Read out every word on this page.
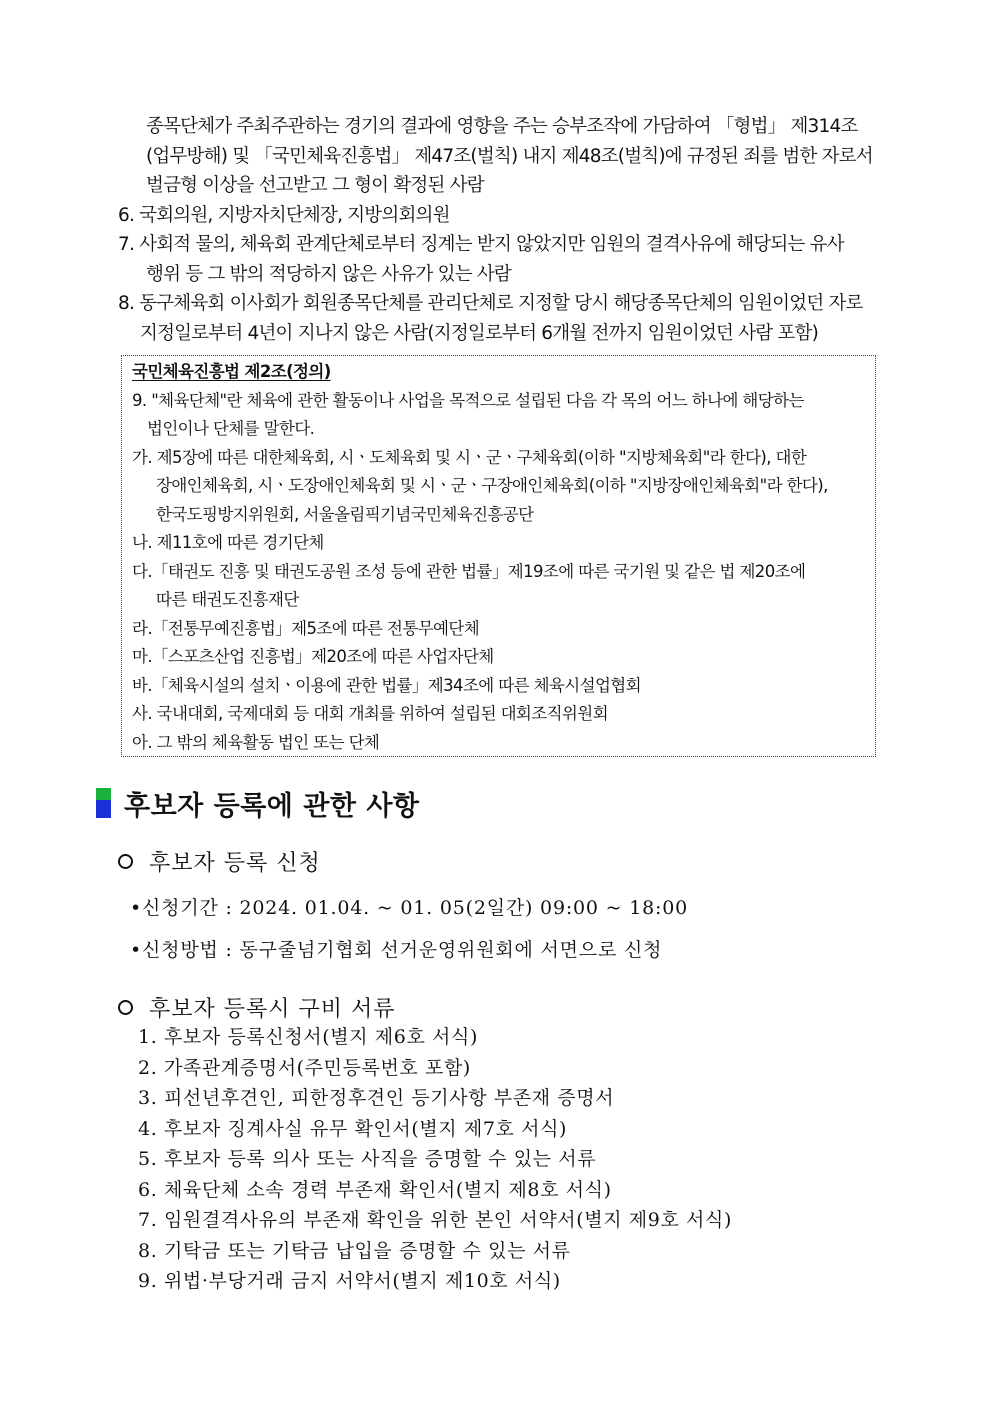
종목단체가 주최주관하는 경기의 결과에 영향을 주는 승부조작에 가담하여 「형법」 제314조
(업무방해) 및 「국민체육진흥법」 제47조(벌칙) 내지 제48조(벌칙)에 규정된 죄를 범한 자로서
벌금형 이상을 선고받고 그 형이 확정된 사람
6. 국회의원, 지방자치단체장, 지방의회의원
7. 사회적 물의, 체육회 관계단체로부터 징계는 받지 않았지만 임원의 결격사유에 해당되는 유사
행위 등 그 밖의 적당하지 않은 사유가 있는 사람
8. 동구체육회 이사회가 회원종목단체를 관리단체로 지정할 당시 해당종목단체의 임원이었던 자로
지정일로부터 4년이 지나지 않은 사람(지정일로부터 6개월 전까지 임원이었던 사람 포함)
국민체육진흥법 제2조(정의)
9. "체육단체"란 체육에 관한 활동이나 사업을 목적으로 설립된 다음 각 목의 어느 하나에 해당하는
법인이나 단체를 말한다.
가. 제5장에 따른 대한체육회, 시ㆍ도체육회 및 시ㆍ군ㆍ구체육회(이하 "지방체육회"라 한다), 대한
장애인체육회, 시ㆍ도장애인체육회 및 시ㆍ군ㆍ구장애인체육회(이하 "지방장애인체육회"라 한다),
한국도핑방지위원회, 서울올림픽기념국민체육진흥공단
나. 제11호에 따른 경기단체
다.「태권도 진흥 및 태권도공원 조성 등에 관한 법률」제19조에 따른 국기원 및 같은 법 제20조에
따른 태권도진흥재단
라.「전통무예진흥법」제5조에 따른 전통무예단체
마.「스포츠산업 진흥법」제20조에 따른 사업자단체
바.「체육시설의 설치ㆍ이용에 관한 법률」제34조에 따른 체육시설업협회
사. 국내대회, 국제대회 등 대회 개최를 위하여 설립된 대회조직위원회
아. 그 밖의 체육활동 법인 또는 단체
후보자 등록에 관한 사항
후보자 등록 신청
•신청기간 : 2024. 01.04. ~ 01. 05(2일간) 09:00 ~ 18:00
•신청방법 : 동구줄넘기협회 선거운영위원회에 서면으로 신청
후보자 등록시 구비 서류
1. 후보자 등록신청서(별지 제6호 서식)
2. 가족관계증명서(주민등록번호 포함)
3. 피선년후견인, 피한정후견인 등기사항 부존재 증명서
4. 후보자 징계사실 유무 확인서(별지 제7호 서식)
5. 후보자 등록 의사 또는 사직을 증명할 수 있는 서류
6. 체육단체 소속 경력 부존재 확인서(별지 제8호 서식)
7. 임원결격사유의 부존재 확인을 위한 본인 서약서(별지 제9호 서식)
8. 기탁금 또는 기탁금 납입을 증명할 수 있는 서류
9. 위법·부당거래 금지 서약서(별지 제10호 서식)
